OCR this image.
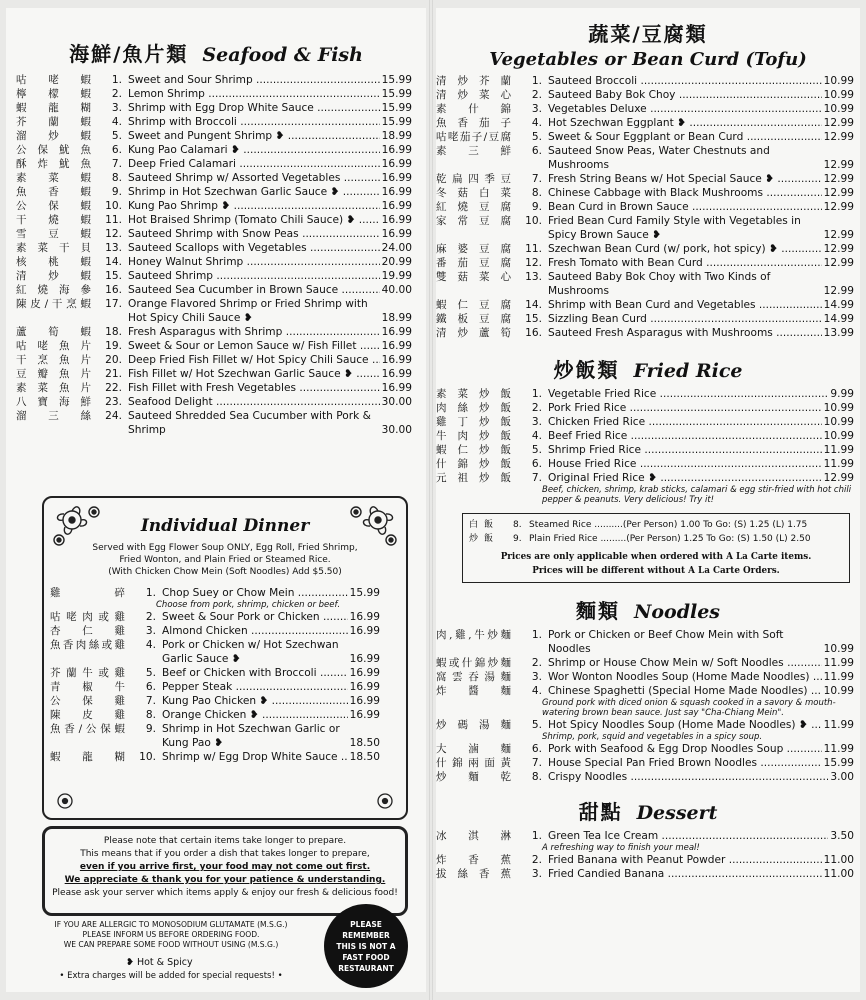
海鮮/魚片類 Seafood & Fish
咕咾蝦	1. Sweet and Sour Shrimp .....	15.99
檸檬蝦	2. Lemon Shrimp .....	15.99
蝦龍糊	3. Shrimp with Egg Drop White Sauce .....	15.99
芥蘭蝦	4. Shrimp with Broccoli .....	15.99
溜炒蝦	5. Sweet and Pungent Shrimp ❥ .....	18.99
公保魷魚	6. Kung Pao Calamari ❥ .....	16.99
酥炸魷魚	7. Deep Fried Calamari .....	16.99
素菜蝦	8. Sauteed Shrimp w/ Assorted Vegetables .....	16.99
魚香蝦	9. Shrimp in Hot Szechwan Garlic Sauce ❥ .....	16.99
公保蝦	10. Kung Pao Shrimp ❥ .....	16.99
干燒蝦	11. Hot Braised Shrimp (Tomato Chili Sauce) ❥ .....	16.99
雪豆蝦	12. Sauteed Shrimp with Snow Peas .....	16.99
素菜干貝	13. Sauteed Scallops with Vegetables .....	24.00
核桃蝦	14. Honey Walnut Shrimp .....	20.99
清炒蝦	15. Sauteed Shrimp .....	19.99
紅燒海參	16. Sauteed Sea Cucumber in Brown Sauce .....	40.00
陳皮/干烹蝦	17. Orange Flavored Shrimp or Fried Shrimp with Hot Spicy Chili Sauce ❥	18.99
蘆筍蝦	18. Fresh Asparagus with Shrimp .....	16.99
咕咾魚片	19. Sweet & Sour or Lemon Sauce w/ Fish Fillet .....	16.99
干烹魚片	20. Deep Fried Fish Fillet w/ Hot Spicy Chili Sauce .....	16.99
豆瓣魚片	21. Fish Fillet w/ Hot Szechwan Garlic Sauce ❥ .....	16.99
素菜魚片	22. Fish Fillet with Fresh Vegetables .....	16.99
八寶海鮮	23. Seafood Delight .....	30.00
溜三絲	24. Sauteed Shredded Sea Cucumber with Pork & Shrimp	30.00
Individual Dinner
Served with Egg Flower Soup ONLY, Egg Roll, Fried Shrimp,
Fried Wonton, and Plain Fried or Steamed Rice.
(With Chicken Chow Mein (Soft Noodles) Add $5.50)
雞碎	1. Chop Suey or Chow Mein .....	15.99
Choose from pork, shrimp, chicken or beef.
咕咾肉或雞	2. Sweet & Sour Pork or Chicken .....	16.99
杏仁雞	3. Almond Chicken .....	16.99
魚香肉絲或雞	4. Pork or Chicken w/ Hot Szechwan Garlic Sauce ❥	16.99
芥蘭牛或雞	5. Beef or Chicken with Broccoli .....	16.99
青椒牛	6. Pepper Steak .....	16.99
公保雞	7. Kung Pao Chicken ❥ .....	16.99
陳皮雞	8. Orange Chicken ❥ .....	16.99
魚香/公保蝦	9. Shrimp in Hot Szechwan Garlic or Kung Pao ❥	18.50
蝦龍糊	10. Shrimp w/ Egg Drop White Sauce .....	18.50
Please note that certain items take longer to prepare.
This means that if you order a dish that takes longer to prepare,
even if you arrive first, your food may not come out first.
We appreciate & thank you for your patience & understanding.
Please ask your server which items apply & enjoy our fresh & delicious food!
IF YOU ARE ALLERGIC TO MONOSODIUM GLUTAMATE (M.S.G.)
PLEASE INFORM US BEFORE ORDERING FOOD.
WE CAN PREPARE SOME FOOD WITHOUT USING (M.S.G.)
❥ Hot & Spicy
• Extra charges will be added for special requests! •
PLEASE
REMEMBER
THIS IS NOT A
FAST FOOD
RESTAURANT
蔬菜/豆腐類
Vegetables or Bean Curd (Tofu)
清炒芥蘭	1. Sauteed Broccoli .....	10.99
清炒菜心	2. Sauteed Baby Bok Choy .....	10.99
素什錦	3. Vegetables Deluxe .....	10.99
魚香茄子	4. Hot Szechwan Eggplant ❥ .....	12.99
咕咾茄子/豆腐	5. Sweet & Sour Eggplant or Bean Curd .....	12.99
素三鮮	6. Sauteed Snow Peas, Water Chestnuts and Mushrooms	12.99
乾扁四季豆	7. Fresh String Beans w/ Hot Special Sauce ❥ .....	12.99
冬菇白菜	8. Chinese Cabbage with Black Mushrooms .....	12.99
紅燒豆腐	9. Bean Curd in Brown Sauce .....	12.99
家常豆腐	10. Fried Bean Curd Family Style with Vegetables in Spicy Brown Sauce ❥	12.99
麻婆豆腐	11. Szechwan Bean Curd (w/ pork, hot spicy) ❥ .....	12.99
番茄豆腐	12. Fresh Tomato with Bean Curd .....	12.99
雙菇菜心	13. Sauteed Baby Bok Choy with Two Kinds of Mushrooms	12.99
蝦仁豆腐	14. Shrimp with Bean Curd and Vegetables .....	14.99
鐵板豆腐	15. Sizzling Bean Curd .....	14.99
清炒蘆筍	16. Sauteed Fresh Asparagus with Mushrooms .....	13.99
炒飯類 Fried Rice
素菜炒飯	1. Vegetable Fried Rice .....	9.99
肉絲炒飯	2. Pork Fried Rice .....	10.99
雞丁炒飯	3. Chicken Fried Rice .....	10.99
牛肉炒飯	4. Beef Fried Rice .....	10.99
蝦仁炒飯	5. Shrimp Fried Rice .....	11.99
什錦炒飯	6. House Fried Rice .....	11.99
元祖炒飯	7. Original Fried Rice ❥ .....	12.99
Beef, chicken, shrimp, krab sticks, calamari & egg stir-fried with hot chili pepper & peanuts. Very delicious! Try it!
白飯	8. Steamed Rice ..........(Per Person) 1.00 To Go: (S) 1.25 (L) 1.75
炒飯	9. Plain Fried Rice .........(Per Person) 1.25 To Go: (S) 1.50 (L) 2.50
Prices are only applicable when ordered with A La Carte items.
Prices will be different without A La Carte Orders.
麵類 Noodles
肉,雞,牛炒麵	1. Pork or Chicken or Beef Chow Mein with Soft Noodles	10.99
蝦或什錦炒麵	2. Shrimp or House Chow Mein w/ Soft Noodles .....	11.99
窩雲吞湯麵	3. Wor Wonton Noodles Soup (Home Made Noodles) .....	11.99
炸醬麵	4. Chinese Spaghetti (Special Home Made Noodles) .....	10.99
Ground pork with diced onion & squash cooked in a savory & mouth-watering brown bean sauce. Just say "Cha-Chiang Mein".
炒碼湯麵	5. Hot Spicy Noodles Soup (Home Made Noodles) ❥ .....	11.99
Shrimp, pork, squid and vegetables in a spicy soup.
大滷麵	6. Pork with Seafood & Egg Drop Noodles Soup .....	11.99
什錦兩面黃	7. House Special Pan Fried Brown Noodles .....	15.99
炒麵乾	8. Crispy Noodles .....	3.00
甜點 Dessert
冰淇淋	1. Green Tea Ice Cream .....	3.50
A refreshing way to finish your meal!
炸香蕉	2. Fried Banana with Peanut Powder .....	11.00
拔絲香蕉	3. Fried Candied Banana .....	11.00
